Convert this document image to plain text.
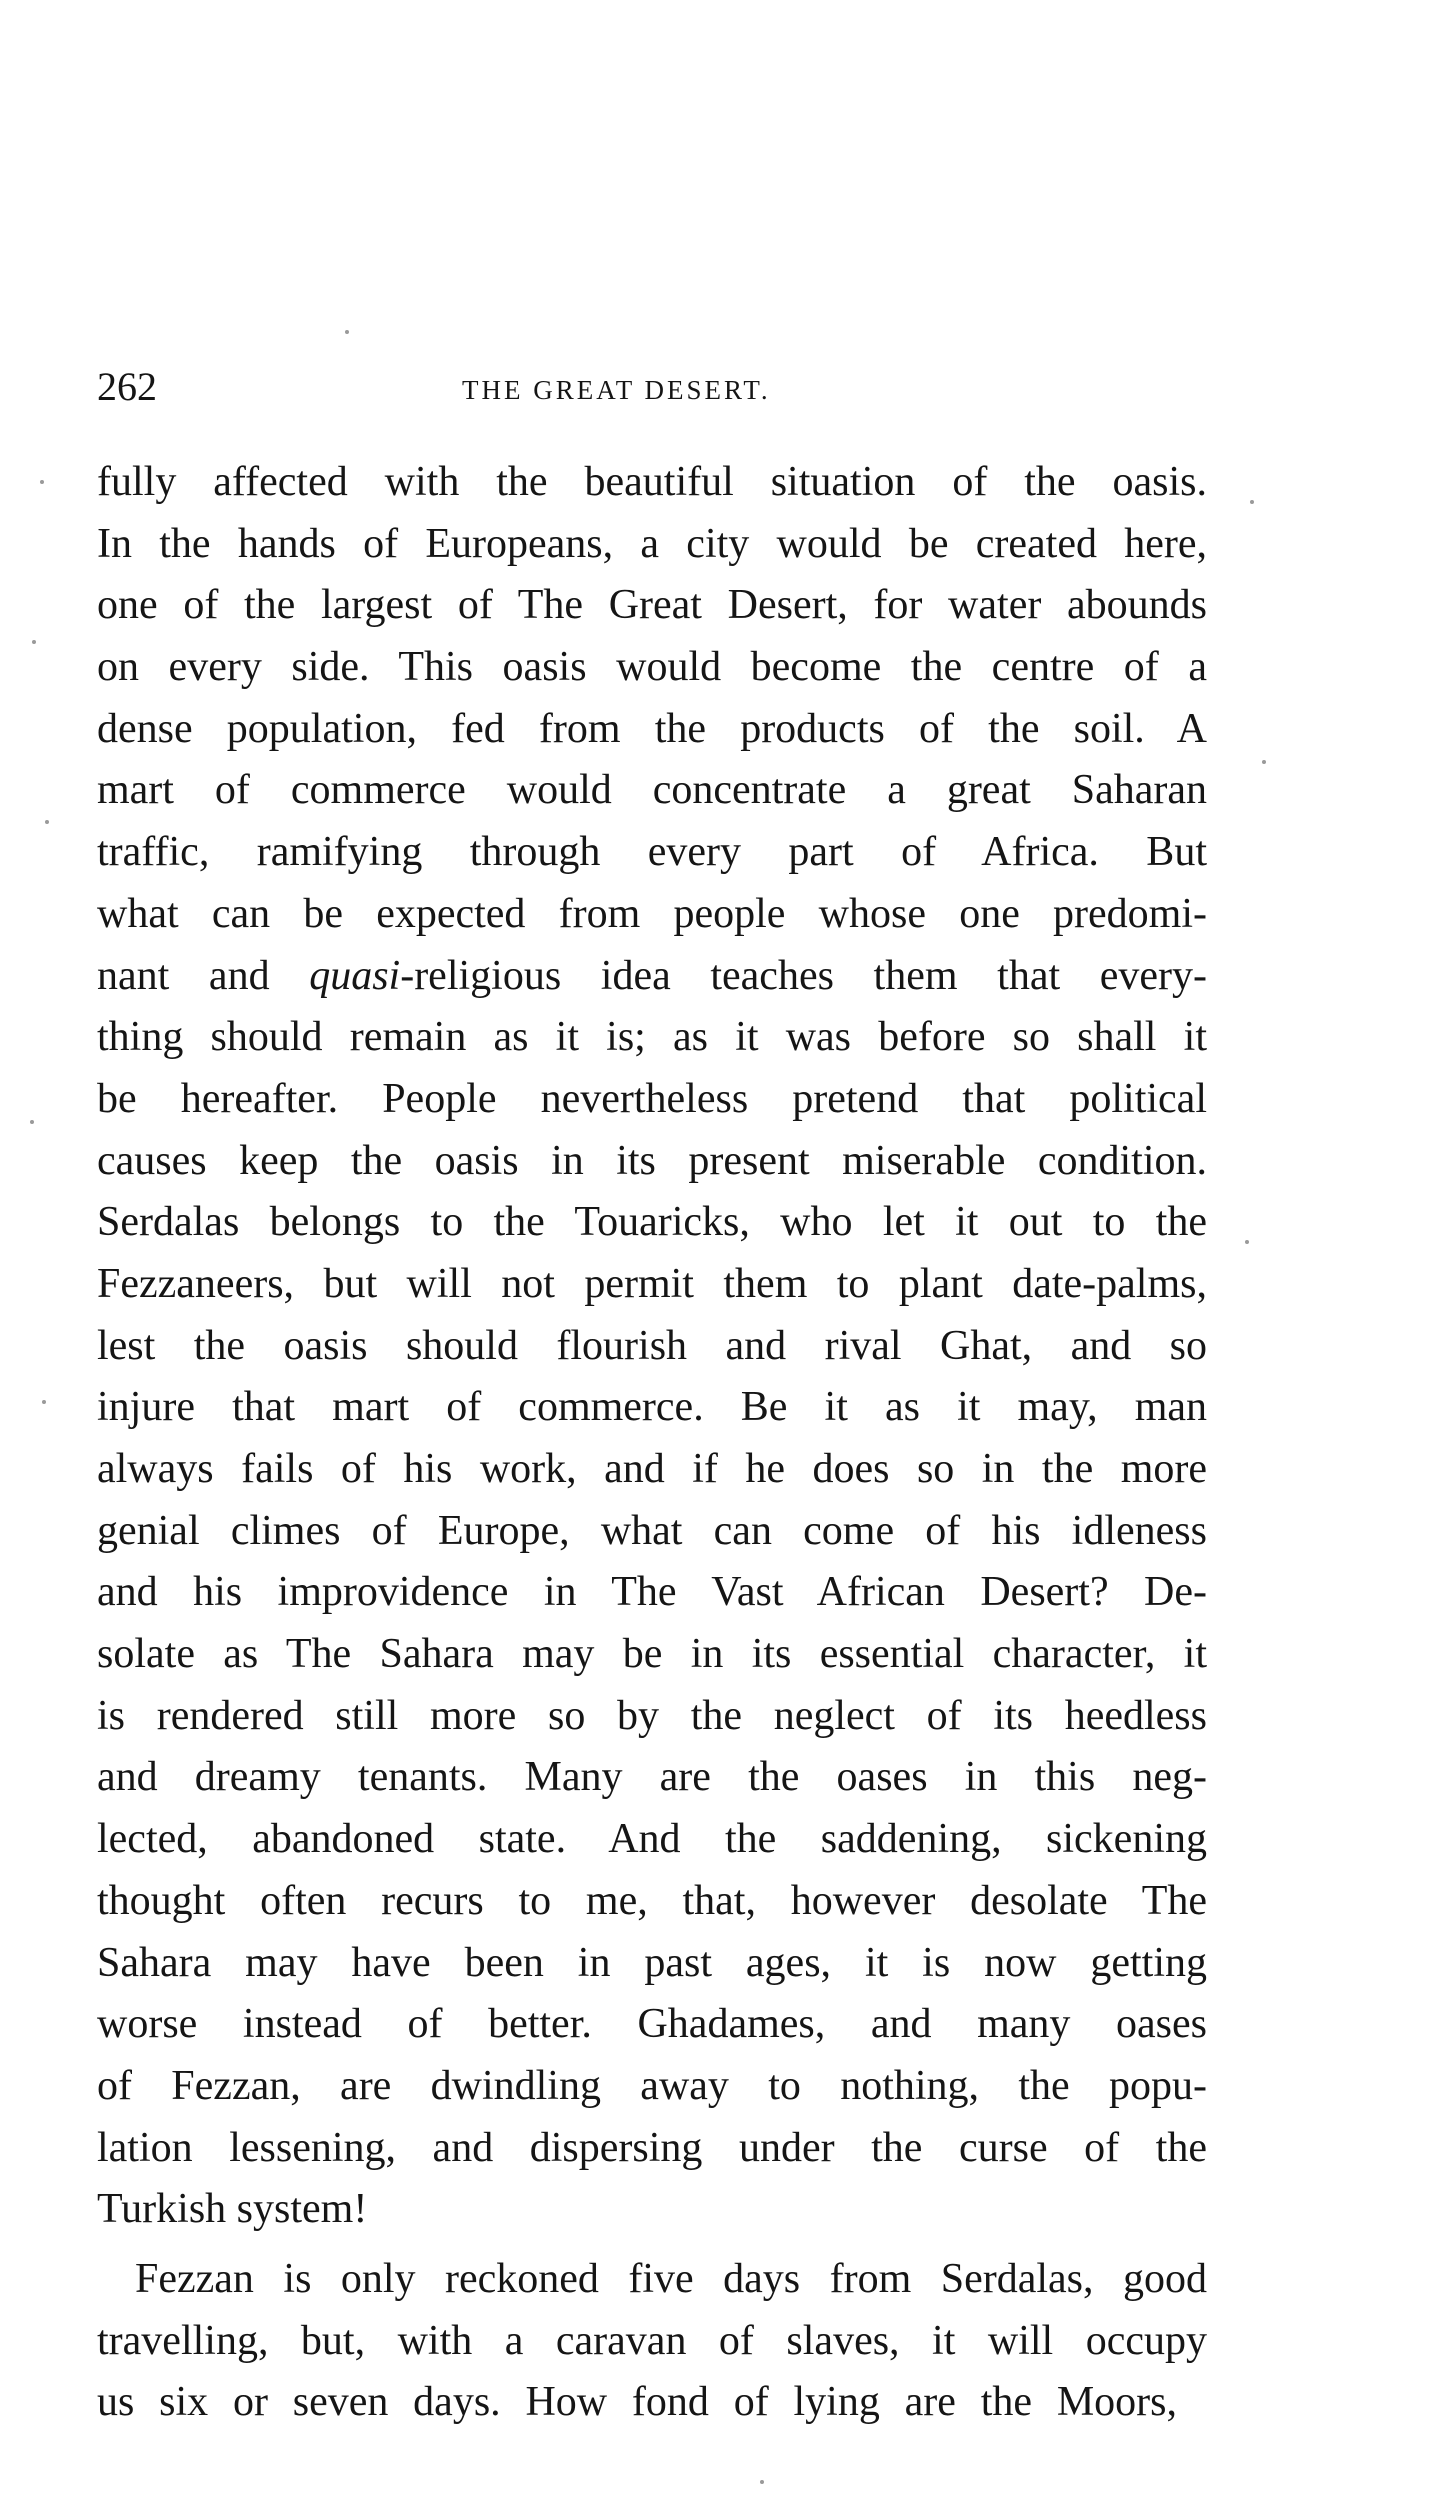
262	THE GREAT DESERT.
fully affected with the beautiful situation of the oasis.
In the hands of Europeans, a city would be created here,
one of the largest of The Great Desert, for water abounds
on every side. This oasis would become the centre of a
dense population, fed from the products of the soil. A
mart of commerce would concentrate a great Saharan
traffic, ramifying through every part of Africa. But
what can be expected from people whose one predomi-
nant and quasi-religious idea teaches them that every-
thing should remain as it is; as it was before so shall it
be hereafter. People nevertheless pretend that political
causes keep the oasis in its present miserable condition.
Serdalas belongs to the Touaricks, who let it out to the
Fezzaneers, but will not permit them to plant date-palms,
lest the oasis should flourish and rival Ghat, and so
injure that mart of commerce. Be it as it may, man
always fails of his work, and if he does so in the more
genial climes of Europe, what can come of his idleness
and his improvidence in The Vast African Desert? De-
solate as The Sahara may be in its essential character, it
is rendered still more so by the neglect of its heedless
and dreamy tenants. Many are the oases in this neg-
lected, abandoned state. And the saddening, sickening
thought often recurs to me, that, however desolate The
Sahara may have been in past ages, it is now getting
worse instead of better. Ghadames, and many oases
of Fezzan, are dwindling away to nothing, the popu-
lation lessening, and dispersing under the curse of the
Turkish system!
Fezzan is only reckoned five days from Serdalas, good
travelling, but, with a caravan of slaves, it will occupy
us six or seven days. How fond of lying are the Moors,
